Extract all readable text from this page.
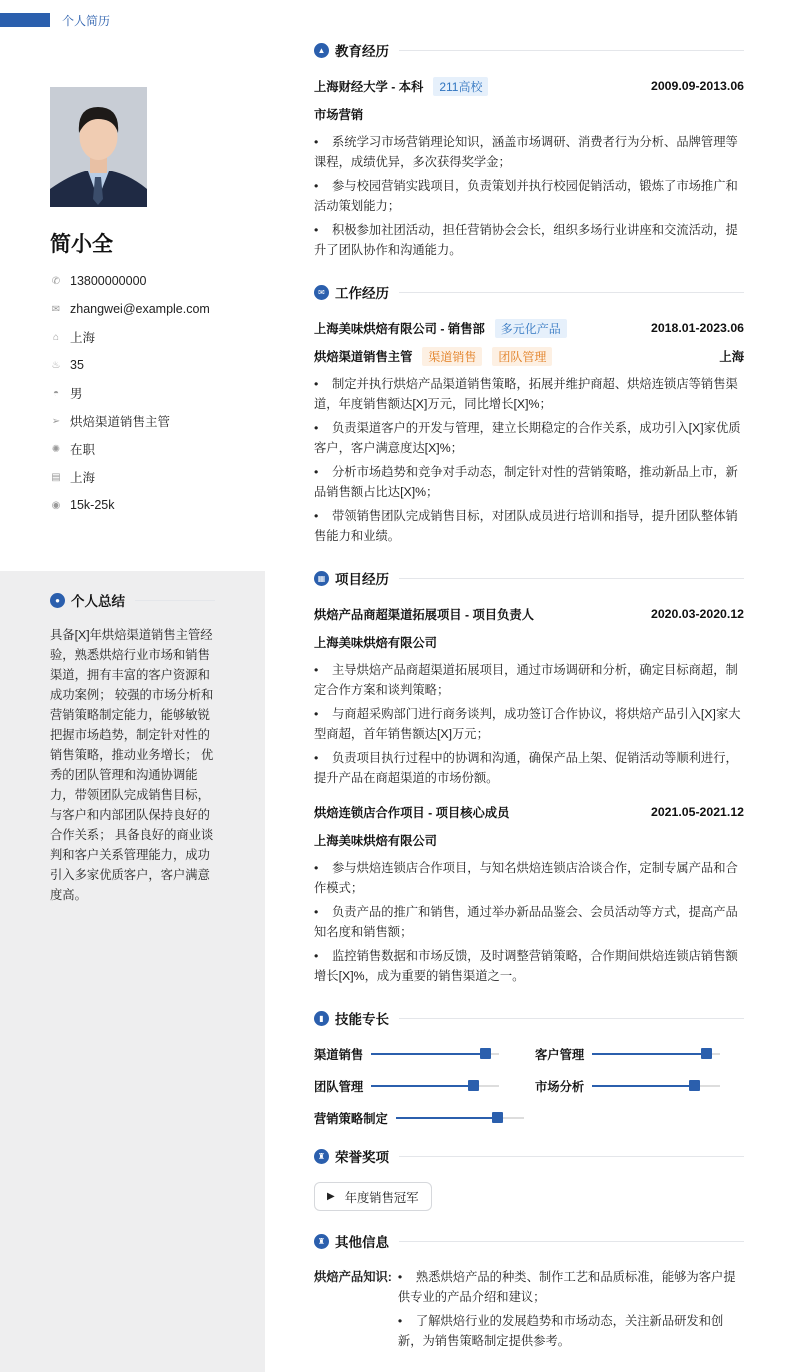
个人简历
简小全
✆ 13800000000
✉ zhangwei@example.com
⌂ 上海
♨ 35
◓ 男
➢ 烘焙渠道销售主管
✺ 在职
▤ 上海
◉ 15k-25k
● 个人总结
具备[X]年烘焙渠道销售主管经验，熟悉烘焙行业市场和销售渠道，拥有丰富的客户资源和成功案例； 较强的市场分析和营销策略制定能力，能够敏锐把握市场趋势，制定针对性的销售策略，推动业务增长； 优秀的团队管理和沟通协调能力，带领团队完成销售目标，与客户和内部团队保持良好的合作关系； 具备良好的商业谈判和客户关系管理能力，成功引入多家优质客户，客户满意度高。
▲ 教育经历
上海财经大学 - 本科	211高校	2009.09-2013.06
市场营销
• 系统学习市场营销理论知识，涵盖市场调研、消费者行为分析、品牌管理等课程，成绩优异，多次获得奖学金；
• 参与校园营销实践项目，负责策划并执行校园促销活动，锻炼了市场推广和活动策划能力；
• 积极参加社团活动，担任营销协会会长，组织多场行业讲座和交流活动，提升了团队协作和沟通能力。
✉ 工作经历
上海美味烘焙有限公司 - 销售部	多元化产品	2018.01-2023.06
烘焙渠道销售主管	渠道销售	团队管理	上海
• 制定并执行烘焙产品渠道销售策略，拓展并维护商超、烘焙连锁店等销售渠道，年度销售额达[X]万元，同比增长[X]%；
• 负责渠道客户的开发与管理，建立长期稳定的合作关系，成功引入[X]家优质客户，客户满意度达[X]%；
• 分析市场趋势和竞争对手动态，制定针对性的营销策略，推动新品上市，新品销售额占比达[X]%；
• 带领销售团队完成销售目标，对团队成员进行培训和指导，提升团队整体销售能力和业绩。
▦ 项目经历
烘焙产品商超渠道拓展项目 - 项目负责人	2020.03-2020.12
上海美味烘焙有限公司
• 主导烘焙产品商超渠道拓展项目，通过市场调研和分析，确定目标商超，制定合作方案和谈判策略；
• 与商超采购部门进行商务谈判，成功签订合作协议，将烘焙产品引入[X]家大型商超，首年销售额达[X]万元；
• 负责项目执行过程中的协调和沟通，确保产品上架、促销活动等顺利进行，提升产品在商超渠道的市场份额。
烘焙连锁店合作项目 - 项目核心成员	2021.05-2021.12
上海美味烘焙有限公司
• 参与烘焙连锁店合作项目，与知名烘焙连锁店洽谈合作，定制专属产品和合作模式；
• 负责产品的推广和销售，通过举办新品品鉴会、会员活动等方式，提高产品知名度和销售额；
• 监控销售数据和市场反馈，及时调整营销策略，合作期间烘焙连锁店销售额增长[X]%，成为重要的销售渠道之一。
▮ 技能专长
渠道销售	客户管理
团队管理	市场分析
营销策略制定
♜ 荣誉奖项
▶ 年度销售冠军
♜ 其他信息
烘焙产品知识: • 熟悉烘焙产品的种类、制作工艺和品质标准，能够为客户提供专业的产品介绍和建议；
• 了解烘焙行业的发展趋势和市场动态，关注新品研发和创新，为销售策略制定提供参考。
